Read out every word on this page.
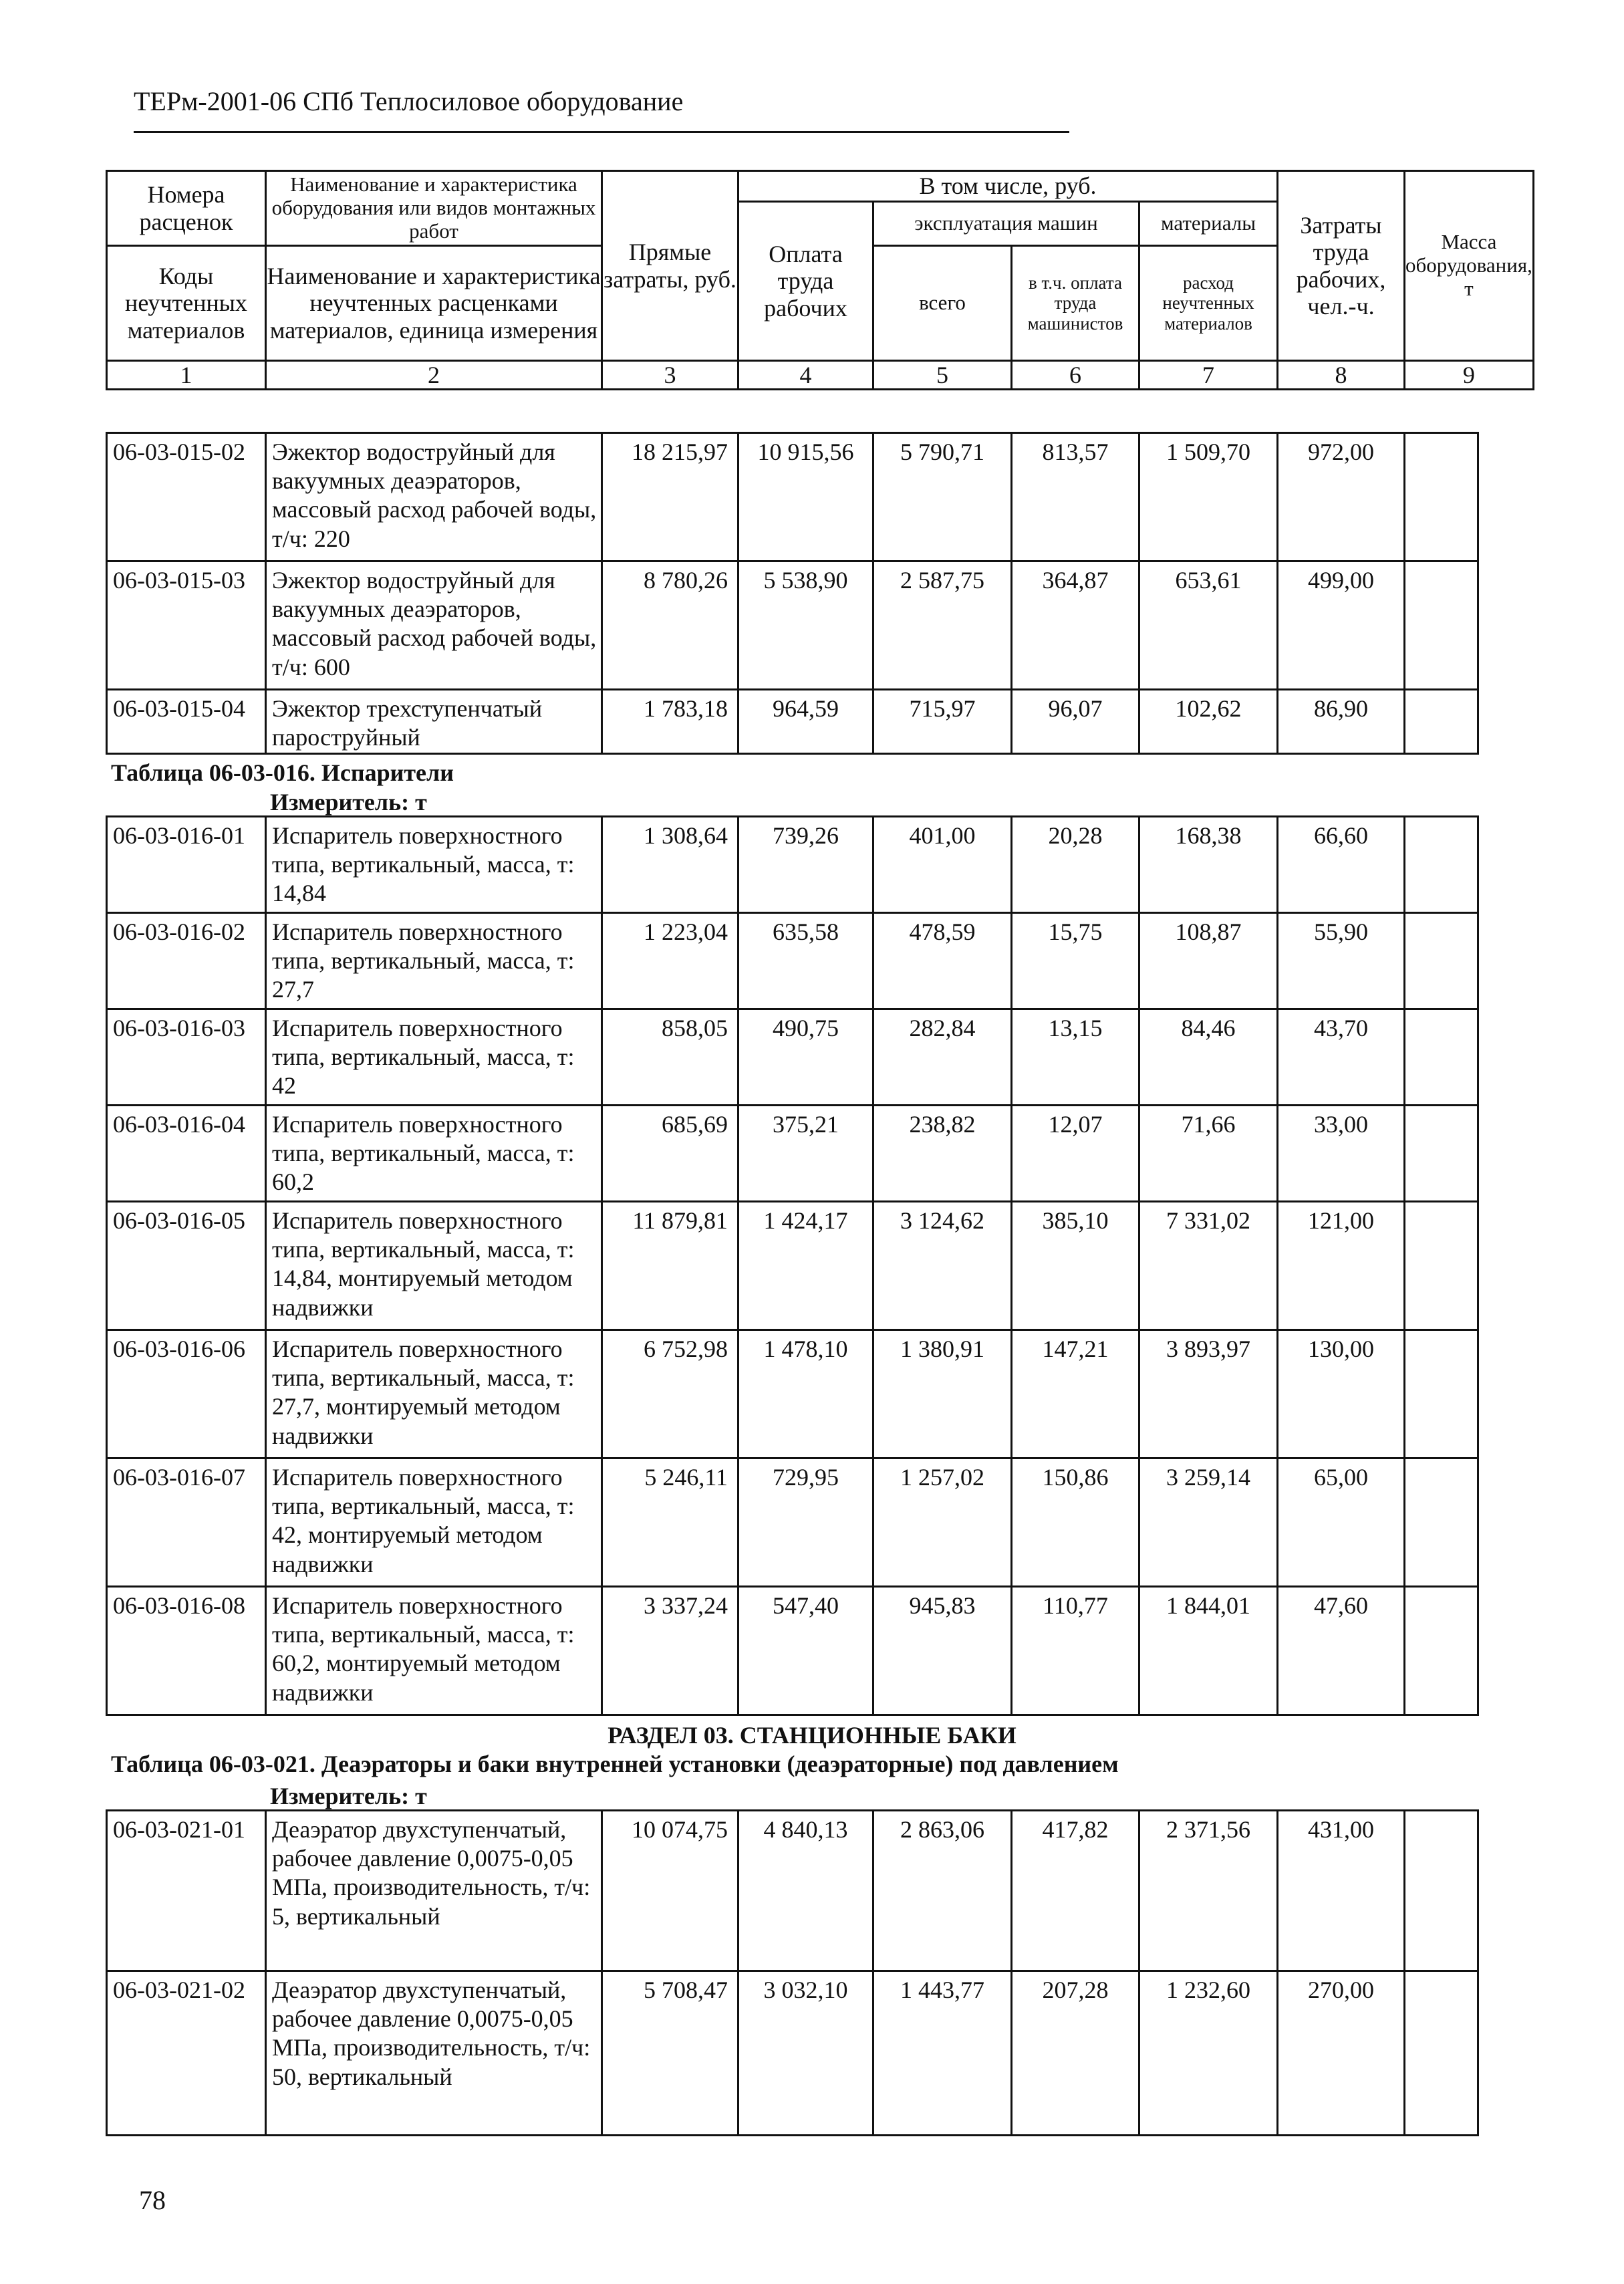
ТЕРм-2001-06 СПб Теплосиловое оборудование
Номера расценок	Наименование и характеристика оборудования или видов монтажных работ	Прямые затраты, руб.	В том числе, руб.				Затраты труда рабочих, чел.-ч.	Масса оборудования, т
			Оплата труда рабочих	эксплуатация машин		материалы		
Коды неучтенных материалов	Наименование и характеристика неучтенных расценками материалов, единица измерения			всего	в т.ч. оплата труда машинистов	расход неучтенных материалов		

1	2	3	4	5	6	7	8	9
06-03-015-02	Эжектор водоструйный для вакуумных деаэраторов, массовый расход рабочей воды, т/ч: 220	18 215,97	10 915,56	5 790,71	813,57	1 509,70	972,00	
06-03-015-03	Эжектор водоструйный для вакуумных деаэраторов, массовый расход рабочей воды, т/ч: 600	8 780,26	5 538,90	2 587,75	364,87	653,61	499,00	
06-03-015-04	Эжектор трехступенчатый пароструйный	1 783,18	964,59	715,97	96,07	102,62	86,90	
Таблица 06-03-016. Испарители
Измеритель: т
06-03-016-01	Испаритель поверхностного типа, вертикальный, масса, т: 14,84	1 308,64	739,26	401,00	20,28	168,38	66,60	
06-03-016-02	Испаритель поверхностного типа, вертикальный, масса, т: 27,7	1 223,04	635,58	478,59	15,75	108,87	55,90	
06-03-016-03	Испаритель поверхностного типа, вертикальный, масса, т: 42	858,05	490,75	282,84	13,15	84,46	43,70	
06-03-016-04	Испаритель поверхностного типа, вертикальный, масса, т: 60,2	685,69	375,21	238,82	12,07	71,66	33,00	
06-03-016-05	Испаритель поверхностного типа, вертикальный, масса, т: 14,84, монтируемый методом надвижки	11 879,81	1 424,17	3 124,62	385,10	7 331,02	121,00	
06-03-016-06	Испаритель поверхностного типа, вертикальный, масса, т: 27,7, монтируемый методом надвижки	6 752,98	1 478,10	1 380,91	147,21	3 893,97	130,00	
06-03-016-07	Испаритель поверхностного типа, вертикальный, масса, т: 42, монтируемый методом надвижки	5 246,11	729,95	1 257,02	150,86	3 259,14	65,00	
06-03-016-08	Испаритель поверхностного типа, вертикальный, масса, т: 60,2, монтируемый методом надвижки	3 337,24	547,40	945,83	110,77	1 844,01	47,60	
РАЗДЕЛ 03. СТАНЦИОННЫЕ БАКИ
Таблица 06-03-021. Деаэраторы и баки внутренней установки (деаэраторные) под давлением
Измеритель: т
06-03-021-01	Деаэратор двухступенчатый, рабочее давление 0,0075-0,05 МПа, производительность, т/ч: 5, вертикальный	10 074,75	4 840,13	2 863,06	417,82	2 371,56	431,00	
06-03-021-02	Деаэратор двухступенчатый, рабочее давление 0,0075-0,05 МПа, производительность, т/ч: 50, вертикальный	5 708,47	3 032,10	1 443,77	207,28	1 232,60	270,00	
78
